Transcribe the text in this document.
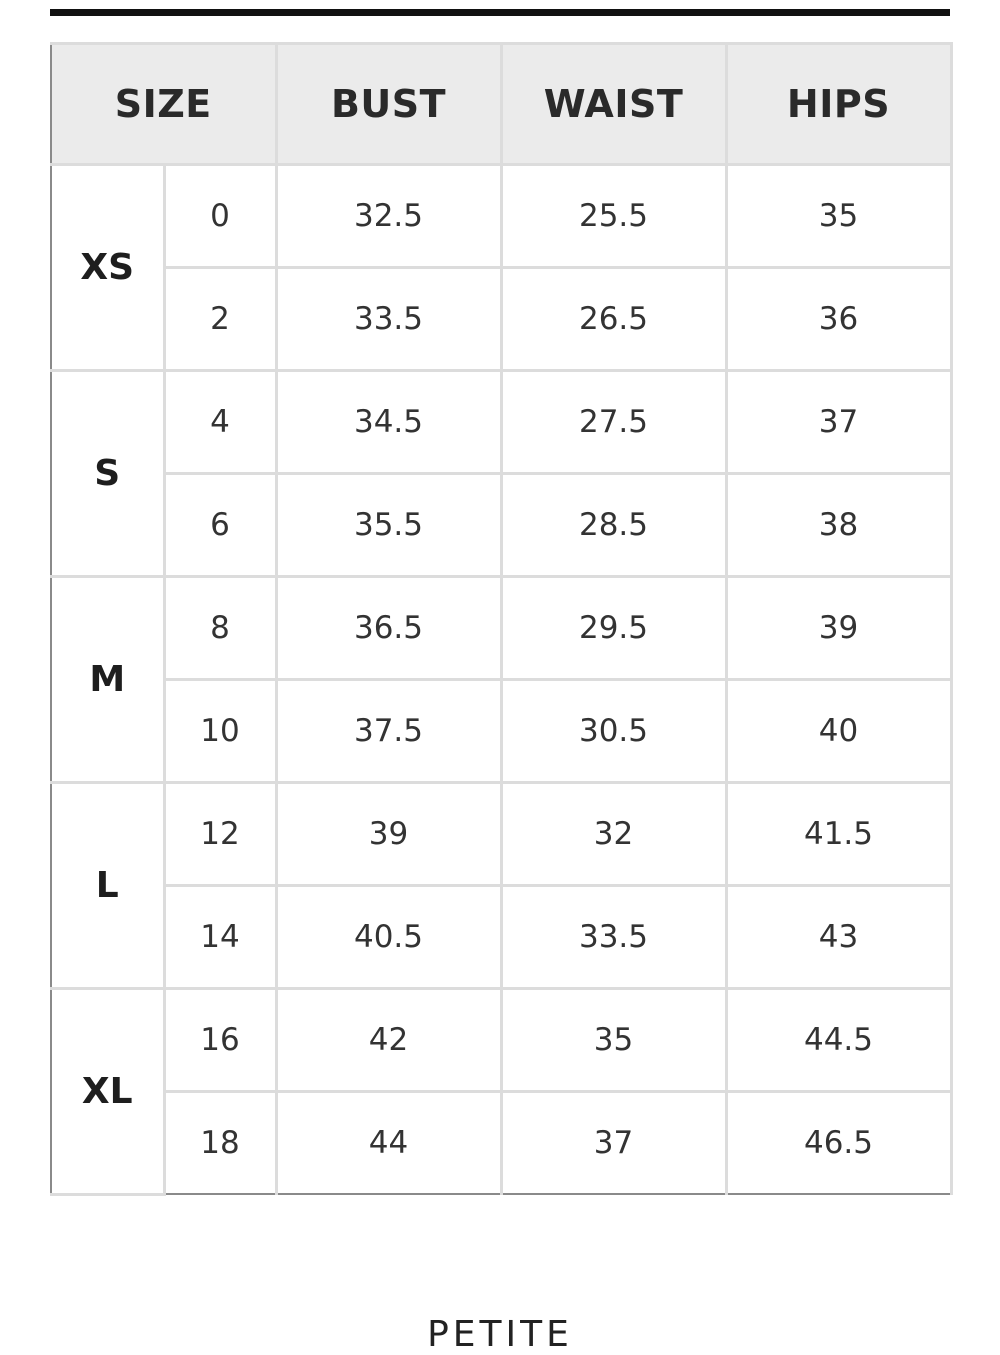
SIZE		BUST	WAIST	HIPS
XS	0	32.5	25.5	35
	2	33.5	26.5	36
S	4	34.5	27.5	37
	6	35.5	28.5	38
M	8	36.5	29.5	39
	10	37.5	30.5	40
L	12	39	32	41.5
	14	40.5	33.5	43
XL	16	42	35	44.5
	18	44	37	46.5
PETITE
